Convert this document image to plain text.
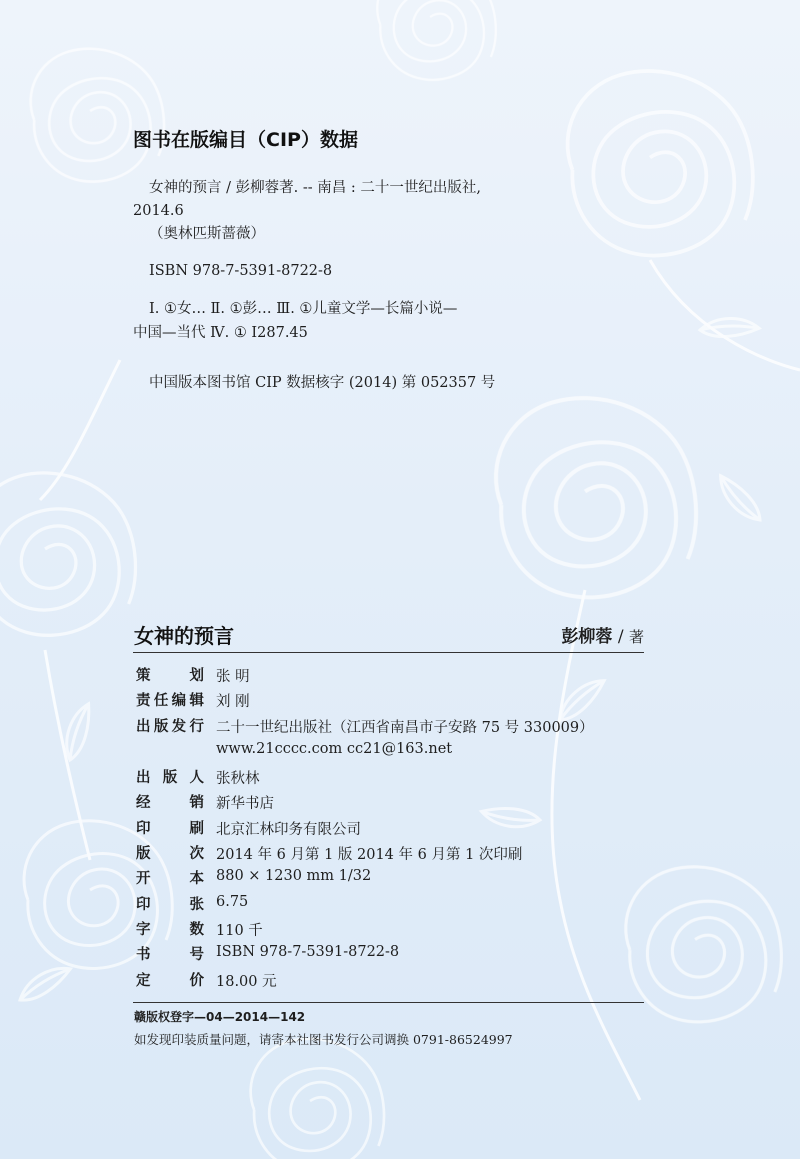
图书在版编目（CIP）数据

女神的预言 / 彭柳蓉著. -- 南昌 : 二十一世纪出版社,

2014.6

（奥林匹斯蔷薇）

ISBN 978-7-5391-8722-8

Ⅰ. ①女… Ⅱ. ①彭… Ⅲ. ①儿童文学—长篇小说—

中国—当代 Ⅳ. ① I287.45

中国版本图书馆 CIP 数据核字 (2014) 第 052357 号

女神的预言	彭柳蓉 / 著
策	划 张 明
责 任 编 辑 刘 刚
出 版 发 行 二十一世纪出版社（江西省南昌市子安路 75 号 330009）
www.21cccc.com cc21@163.net
出 版 人 张秋林
经	销 新华书店
印	刷 北京汇林印务有限公司
版	次 2014 年 6 月第 1 版 2014 年 6 月第 1 次印刷
开	本 880 × 1230 mm 1/32
印	张 6.75
字	数 110 千
书	号 ISBN 978-7-5391-8722-8
定	价 18.00 元

赣版权登字—04—2014—142

如发现印装质量问题，请寄本社图书发行公司调换 0791-86524997
